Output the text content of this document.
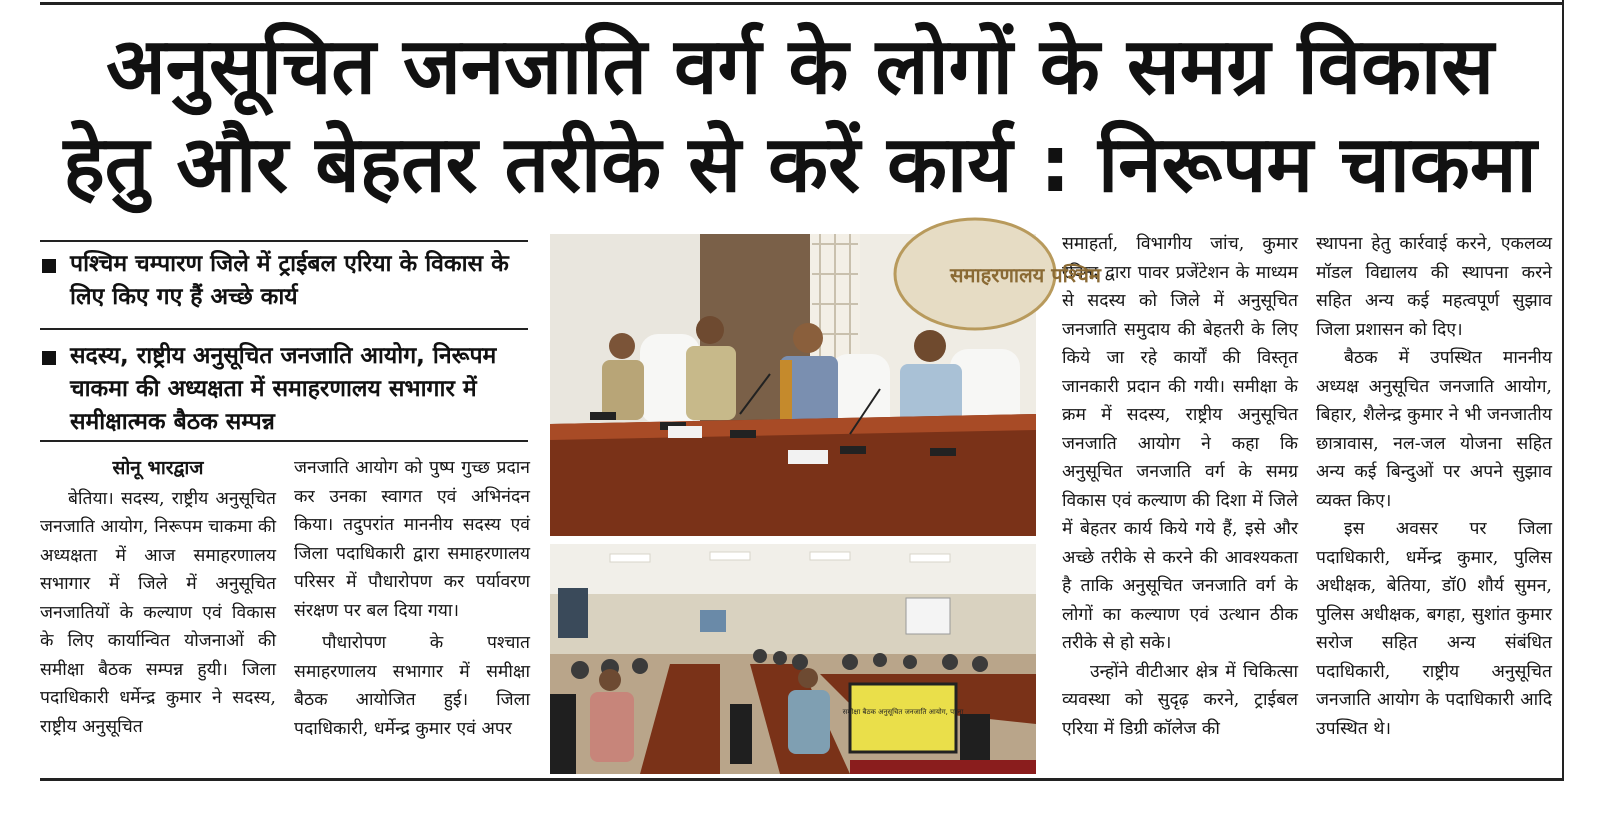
अनुसूचित जनजाति वर्ग के लोगों के समग्र विकास
हेतु और बेहतर तरीके से करें कार्य : निरूपम चाकमा
पश्चिम चम्पारण जिले में ट्राईबल एरिया के विकास के लिए किए गए हैं अच्छे कार्य
सदस्य, राष्ट्रीय अनुसूचित जनजाति आयोग, निरूपम चाकमा की अध्यक्षता में समाहरणालय सभागार में समीक्षात्मक बैठक सम्पन्न
सोनू भारद्वाज

बेतिया। सदस्य, राष्ट्रीय अनुसूचित जनजाति आयोग, निरूपम चाकमा की अध्यक्षता में आज समाहरणालय सभागार में जिले में अनुसूचित जनजातियों के कल्याण एवं विकास के लिए कार्यान्वित योजनाओं की समीक्षा बैठक सम्पन्न हुयी। जिला पदाधिकारी धर्मेन्द्र कुमार ने सदस्य, राष्ट्रीय अनुसूचित

जनजाति आयोग को पुष्प गुच्छ प्रदान कर उनका स्वागत एवं अभिनंदन किया। तदुपरांत माननीय सदस्य एवं जिला पदाधिकारी द्वारा समाहरणालय परिसर में पौधारोपण कर पर्यावरण संरक्षण पर बल दिया गया।

पौधारोपण के पश्चात समाहरणालय सभागार में समीक्षा बैठक आयोजित हुई। जिला पदाधिकारी, धर्मेन्द्र कुमार एवं अपर

समाहर्ता, विभागीय जांच, कुमार रविन्द्र द्वारा पावर प्रजेंटेशन के माध्यम से सदस्य को जिले में अनुसूचित जनजाति समुदाय की बेहतरी के लिए किये जा रहे कार्यों की विस्तृत जानकारी प्रदान की गयी। समीक्षा के क्रम में सदस्य, राष्ट्रीय अनुसूचित जनजाति आयोग ने कहा कि अनुसूचित जनजाति वर्ग के समग्र विकास एवं कल्याण की दिशा में जिले में बेहतर कार्य किये गये हैं, इसे और अच्छे तरीके से करने की आवश्यकता है ताकि अनुसूचित जनजाति वर्ग के लोगों का कल्याण एवं उत्थान ठीक तरीके से हो सके।

उन्होंने वीटीआर क्षेत्र में चिकित्सा व्यवस्था को सुदृढ़ करने, ट्राईबल एरिया में डिग्री कॉलेज की

स्थापना हेतु कार्रवाई करने, एकलव्य मॉडल विद्यालय की स्थापना करने सहित अन्य कई महत्वपूर्ण सुझाव जिला प्रशासन को दिए।

बैठक में उपस्थित माननीय अध्यक्ष अनुसूचित जनजाति आयोग, बिहार, शैलेन्द्र कुमार ने भी जनजातीय छात्रावास, नल-जल योजना सहित अन्य कई बिन्दुओं पर अपने सुझाव व्यक्त किए।

इस अवसर पर जिला पदाधिकारी, धर्मेन्द्र कुमार, पुलिस अधीक्षक, बेतिया, डॉ0 शौर्य सुमन, पुलिस अधीक्षक, बगहा, सुशांत कुमार सरोज सहित अन्य संबंधित पदाधिकारी, राष्ट्रीय अनुसूचित जनजाति आयोग के पदाधिकारी आदि उपस्थित थे।

समाहरणालय पश्चिम
समीक्षा बैठक अनुसूचित जनजाति आयोग, पटना
